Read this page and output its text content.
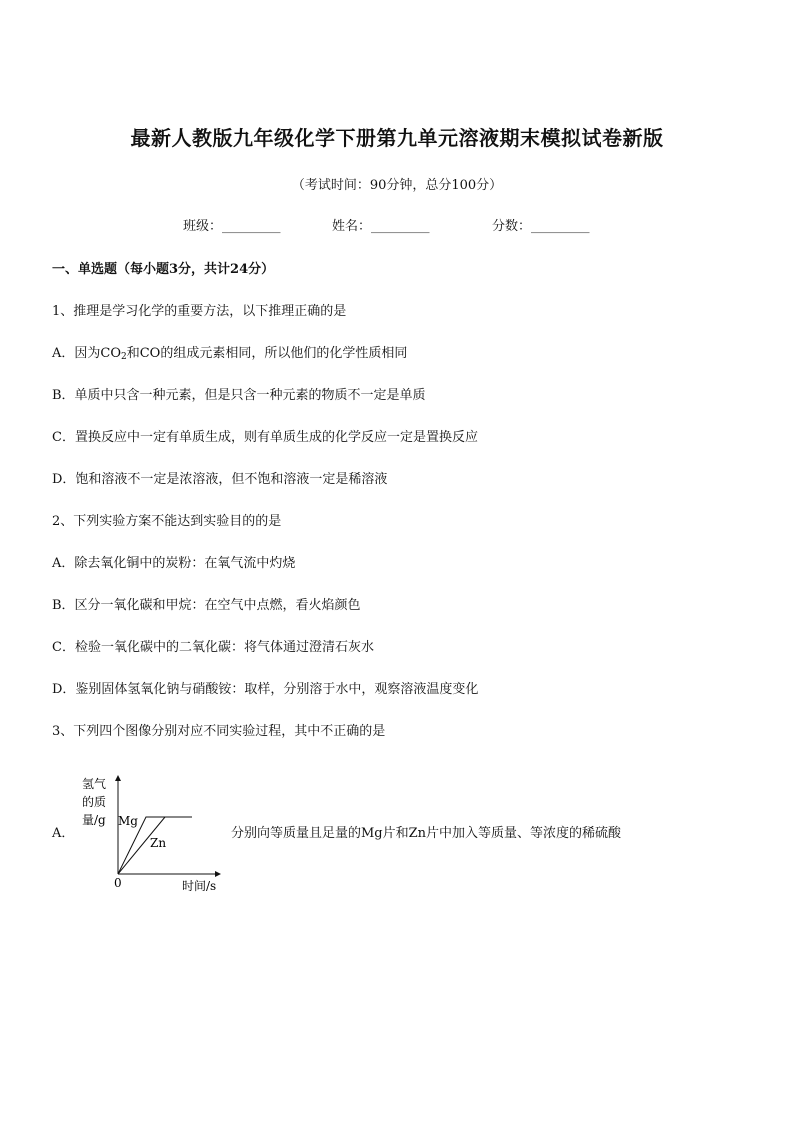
最新人教版九年级化学下册第九单元溶液期末模拟试卷新版
（考试时间：90分钟，总分100分）
班级：_________	姓名：_________	分数：_________
一、单选题（每小题3分，共计24分）
1、推理是学习化学的重要方法，以下推理正确的是
A．因为$CO_2$和CO的组成元素相同，所以他们的化学性质相同
B．单质中只含一种元素，但是只含一种元素的物质不一定是单质
C．置换反应中一定有单质生成，则有单质生成的化学反应一定是置换反应
D．饱和溶液不一定是浓溶液，但不饱和溶液一定是稀溶液
2、下列实验方案不能达到实验目的的是
A．除去氧化铜中的炭粉：在氧气流中灼烧
B．区分一氧化碳和甲烷：在空气中点燃，看火焰颜色
C．检验一氧化碳中的二氧化碳：将气体通过澄清石灰水
D．鉴别固体氢氧化钠与硝酸铵：取样，分别溶于水中，观察溶液温度变化
3、下列四个图像分别对应不同实验过程，其中不正确的是
A．
氢气
的质
量/g Mg
Zn
0	时间/s
分别向等质量且足量的Mg片和Zn片中加入等质量、等浓度的稀硫酸
